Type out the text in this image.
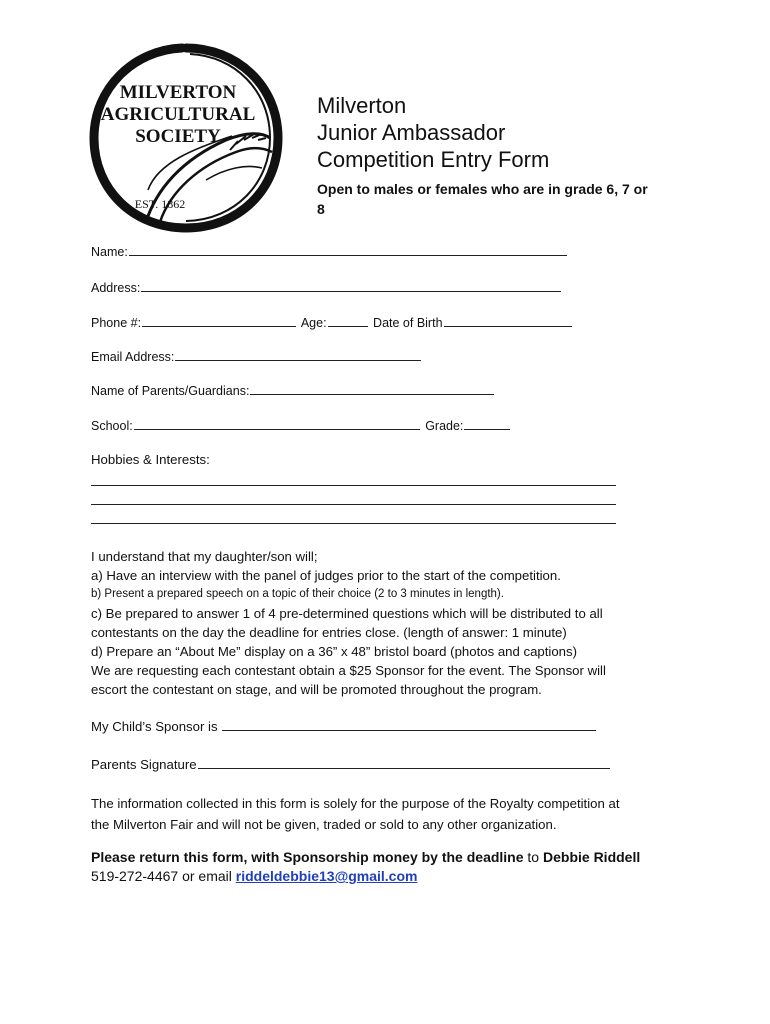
MILVERTON
AGRICULTURAL
SOCIETY
EST. 1862
Milverton
Junior Ambassador
Competition Entry Form
Open to males or females who are in grade 6, 7 or 8
Name:
Address:
Phone #:	Age:	Date of Birth
Email Address:
Name of Parents/Guardians:
School:	Grade:
Hobbies & Interests:

I understand that my daughter/son will;

a) Have an interview with the panel of judges prior to the start of the competition.

b) Present a prepared speech on a topic of their choice (2 to 3 minutes in length).

c) Be prepared to answer 1 of 4 pre-determined questions which will be distributed to all

contestants on the day the deadline for entries close. (length of answer: 1 minute)

d) Prepare an “About Me” display on a 36” x 48” bristol board (photos and captions)

We are requesting each contestant obtain a $25 Sponsor for the event. The Sponsor will

escort the contestant on stage, and will be promoted throughout the program.

My Child’s Sponsor is
Parents Signature

The information collected in this form is solely for the purpose of the Royalty competition at

the Milverton Fair and will not be given, traded or sold to any other organization.

Please return this form, with Sponsorship money by the deadline to Debbie Riddell 519-272-4467 or email riddeldebbie13@gmail.com
